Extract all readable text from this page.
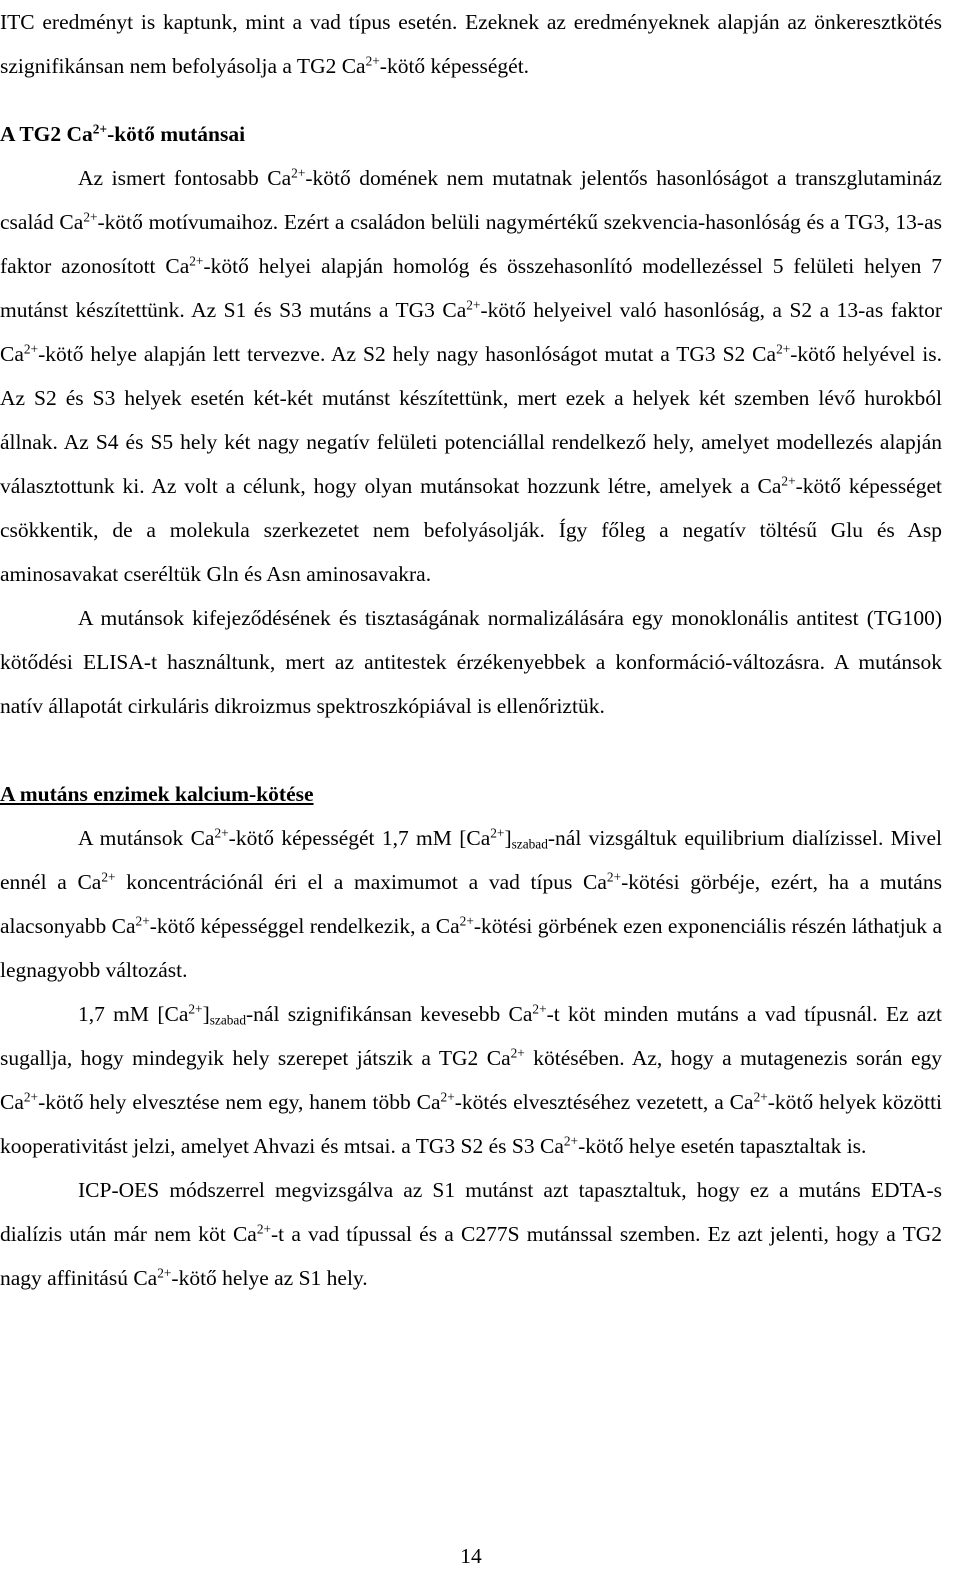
ITC eredményt is kaptunk, mint a vad típus esetén. Ezeknek az eredményeknek alapján az önkeresztkötés szignifikánsan nem befolyásolja a TG2 $Ca^{2+}$-kötő képességét.

A TG2 $Ca^{2+}$-kötő mutánsai

Az ismert fontosabb $Ca^{2+}$-kötő domének nem mutatnak jelentős hasonlóságot a transzglutamináz család $Ca^{2+}$-kötő motívumaihoz. Ezért a családon belüli nagymértékű szekvencia-hasonlóság és a TG3, 13-as faktor azonosított $Ca^{2+}$-kötő helyei alapján homológ és összehasonlító modellezéssel 5 felületi helyen 7 mutánst készítettünk. Az S1 és S3 mutáns a TG3 $Ca^{2+}$-kötő helyeivel való hasonlóság, a S2 a 13-as faktor $Ca^{2+}$-kötő helye alapján lett tervezve. Az S2 hely nagy hasonlóságot mutat a TG3 S2 $Ca^{2+}$-kötő helyével is. Az S2 és S3 helyek esetén két-két mutánst készítettünk, mert ezek a helyek két szemben lévő hurokból állnak. Az S4 és S5 hely két nagy negatív felületi potenciállal rendelkező hely, amelyet modellezés alapján választottunk ki. Az volt a célunk, hogy olyan mutánsokat hozzunk létre, amelyek a $Ca^{2+}$-kötő képességet csökkentik, de a molekula szerkezetet nem befolyásolják. Így főleg a negatív töltésű Glu és Asp aminosavakat cseréltük Gln és Asn aminosavakra.

A mutánsok kifejeződésének és tisztaságának normalizálására egy monoklonális antitest (TG100) kötődési ELISA-t használtunk, mert az antitestek érzékenyebbek a konformáció-változásra. A mutánsok natív állapotát cirkuláris dikroizmus spektroszkópiával is ellenőriztük.

A mutáns enzimek kalcium-kötése

A mutánsok $Ca^{2+}$-kötő képességét 1,7 mM $[Ca^{2+}]_{szabad}$-nál vizsgáltuk equilibrium dialízissel. Mivel ennél a $Ca^{2+}$ koncentrációnál éri el a maximumot a vad típus $Ca^{2+}$-kötési görbéje, ezért, ha a mutáns alacsonyabb $Ca^{2+}$-kötő képességgel rendelkezik, a $Ca^{2+}$-kötési görbének ezen exponenciális részén láthatjuk a legnagyobb változást.

1,7 mM $[Ca^{2+}]_{szabad}$-nál szignifikánsan kevesebb $Ca^{2+}-t$ köt minden mutáns a vad típusnál. Ez azt sugallja, hogy mindegyik hely szerepet játszik a TG2 $Ca^{2+}$ kötésében. Az, hogy a mutagenezis során egy $Ca^{2+}$-kötő hely elvesztése nem egy, hanem több $Ca^{2+}$-kötés elvesztéséhez vezetett, a $Ca^{2+}$-kötő helyek közötti kooperativitást jelzi, amelyet Ahvazi és mtsai. a TG3 S2 és S3 $Ca^{2+}$-kötő helye esetén tapasztaltak is.

ICP-OES módszerrel megvizsgálva az S1 mutánst azt tapasztaltuk, hogy ez a mutáns EDTA-s dialízis után már nem köt $Ca^{2+}-t$ a vad típussal és a C277S mutánssal szemben. Ez azt jelenti, hogy a TG2 nagy affinitású $Ca^{2+}$-kötő helye az S1 hely.

14
